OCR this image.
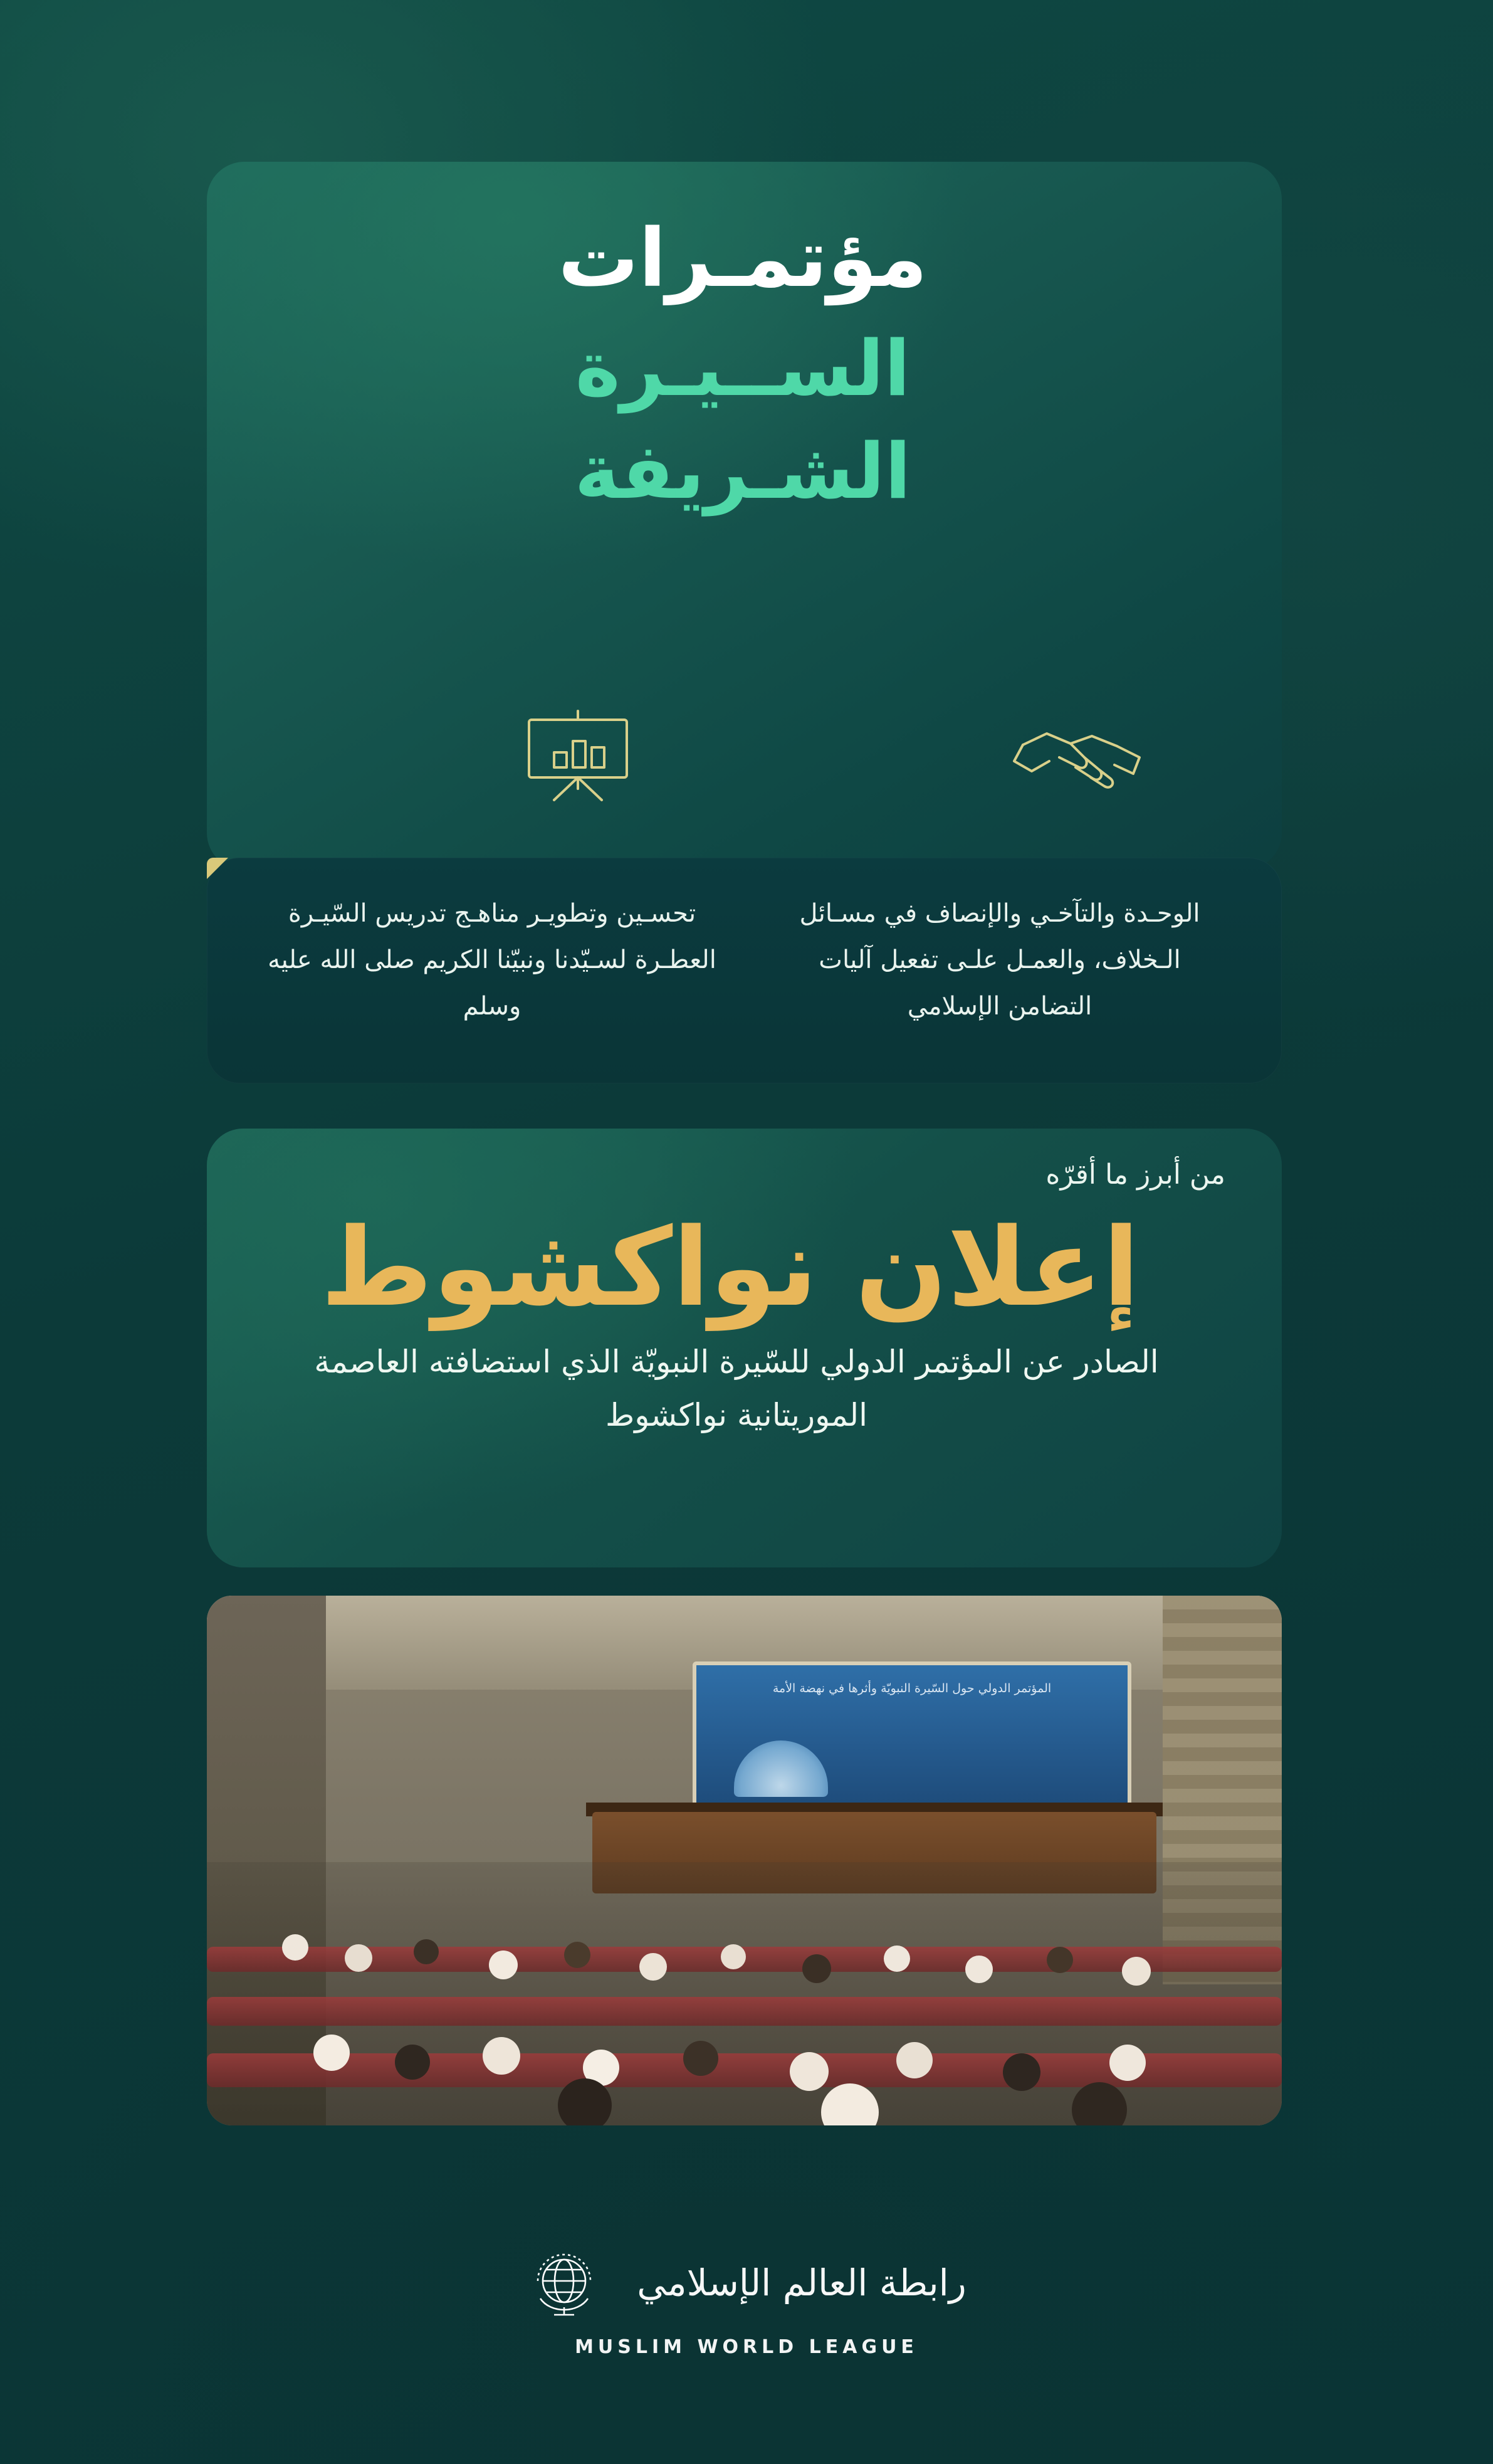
مؤتمـرات
الســيـرة
الشـريفة
الوحـدة والتآخـي والإنصاف في مسـائل الـخلاف، والعمـل علـى تفعيل آليات التضامن الإسلامي
تحسـين وتطويـر مناهـج تدريس السّيـرة العطـرة لسـيّدنا ونبيّنا الكريم صلى الله عليه وسلم
من أبرز ما أقرّه
إعلان نواكشوط
الصادر عن المؤتمر الدولي للسّيرة النبويّة الذي استضافته العاصمة الموريتانية نواكشوط
المؤتمر الدولي حول السّيرة النبويّة وأثرها في نهضة الأمة
رابطة العالم الإسلامي
MUSLIM WORLD LEAGUE
